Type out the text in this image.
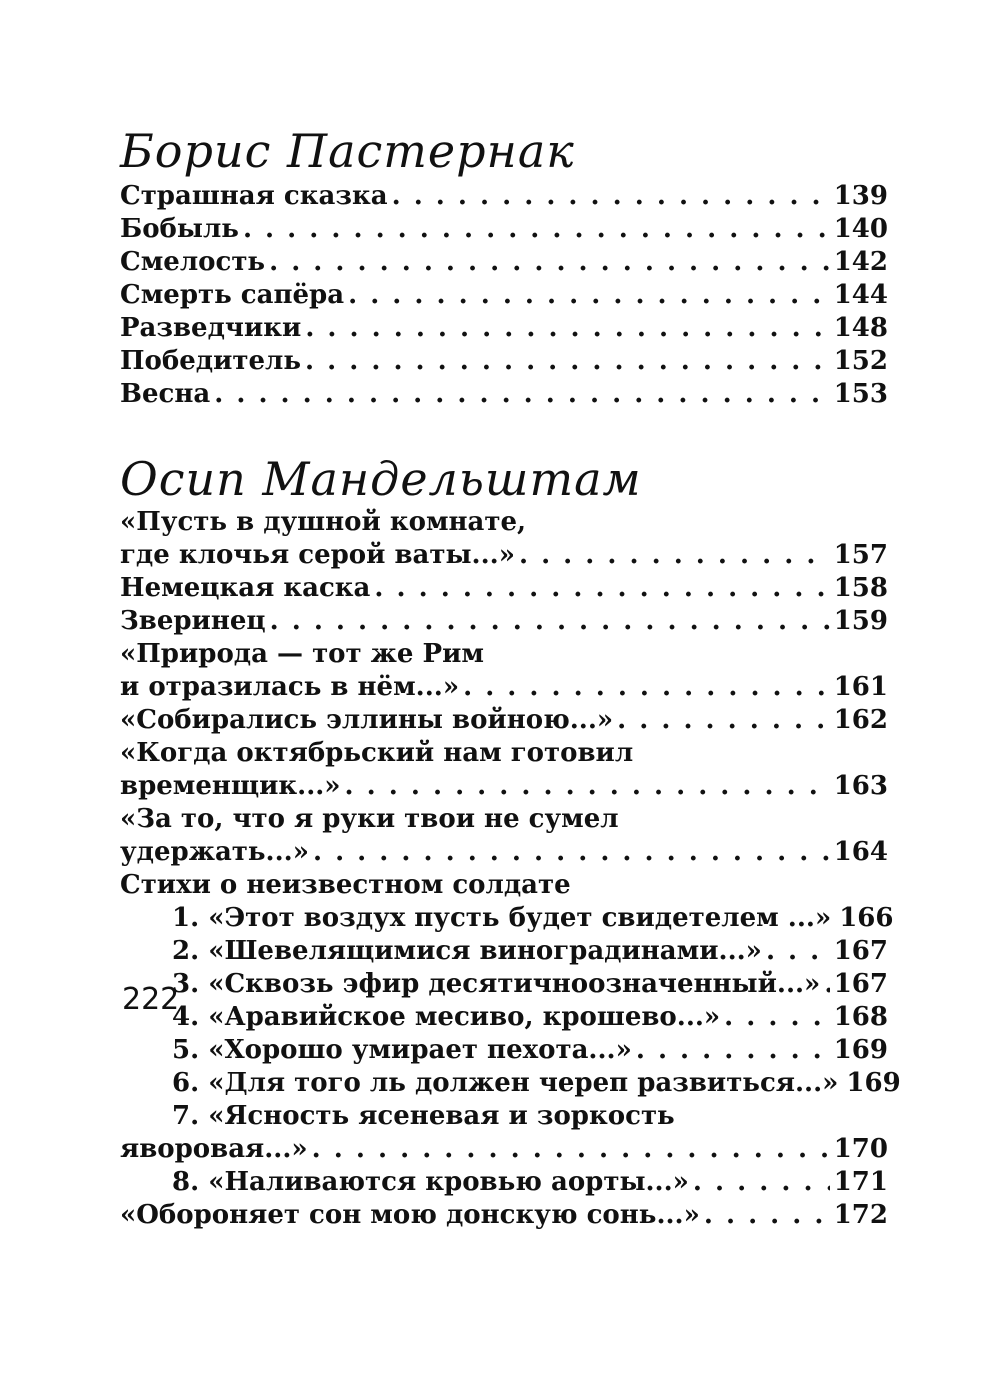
Борис Пастернак
Страшная сказка . . .	139
Бобыль . . .	140
Смелость . . .	142
Смерть сапёра . . .	144
Разведчики . . .	148
Победитель . . .	152
Весна . . .	153
Осип Мандельштам
«Пусть в душной комнате,
где клочья серой ваты...» . . .	157
Немецкая каска . . .	158
Зверинец . . .	159
«Природа — тот же Рим
и отразилась в нём...» . . .	161
«Собирались эллины войною...» . . .	162
«Когда октябрьский нам готовил
временщик...» . . .	163
«За то, что я руки твои не сумел
удержать...» . . .	164
Стихи о неизвестном солдате
1. «Этот воздух пусть будет свидетелем ...» 166
2. «Шевелящимися виноградинами...» . . .	167
3. «Сквозь эфир десятичноозначенный...» . . . 167
4. «Аравийское месиво, крошево...» . . .	168
5. «Хорошо умирает пехота...» . . .	169
6. «Для того ль должен череп развиться...» 169
7. «Ясность ясеневая и зоркость
яворовая...» . . .	170
8. «Наливаются кровью аорты...» . . .	171
«Обороняет сон мою донскую сонь...» . . .	172
222
